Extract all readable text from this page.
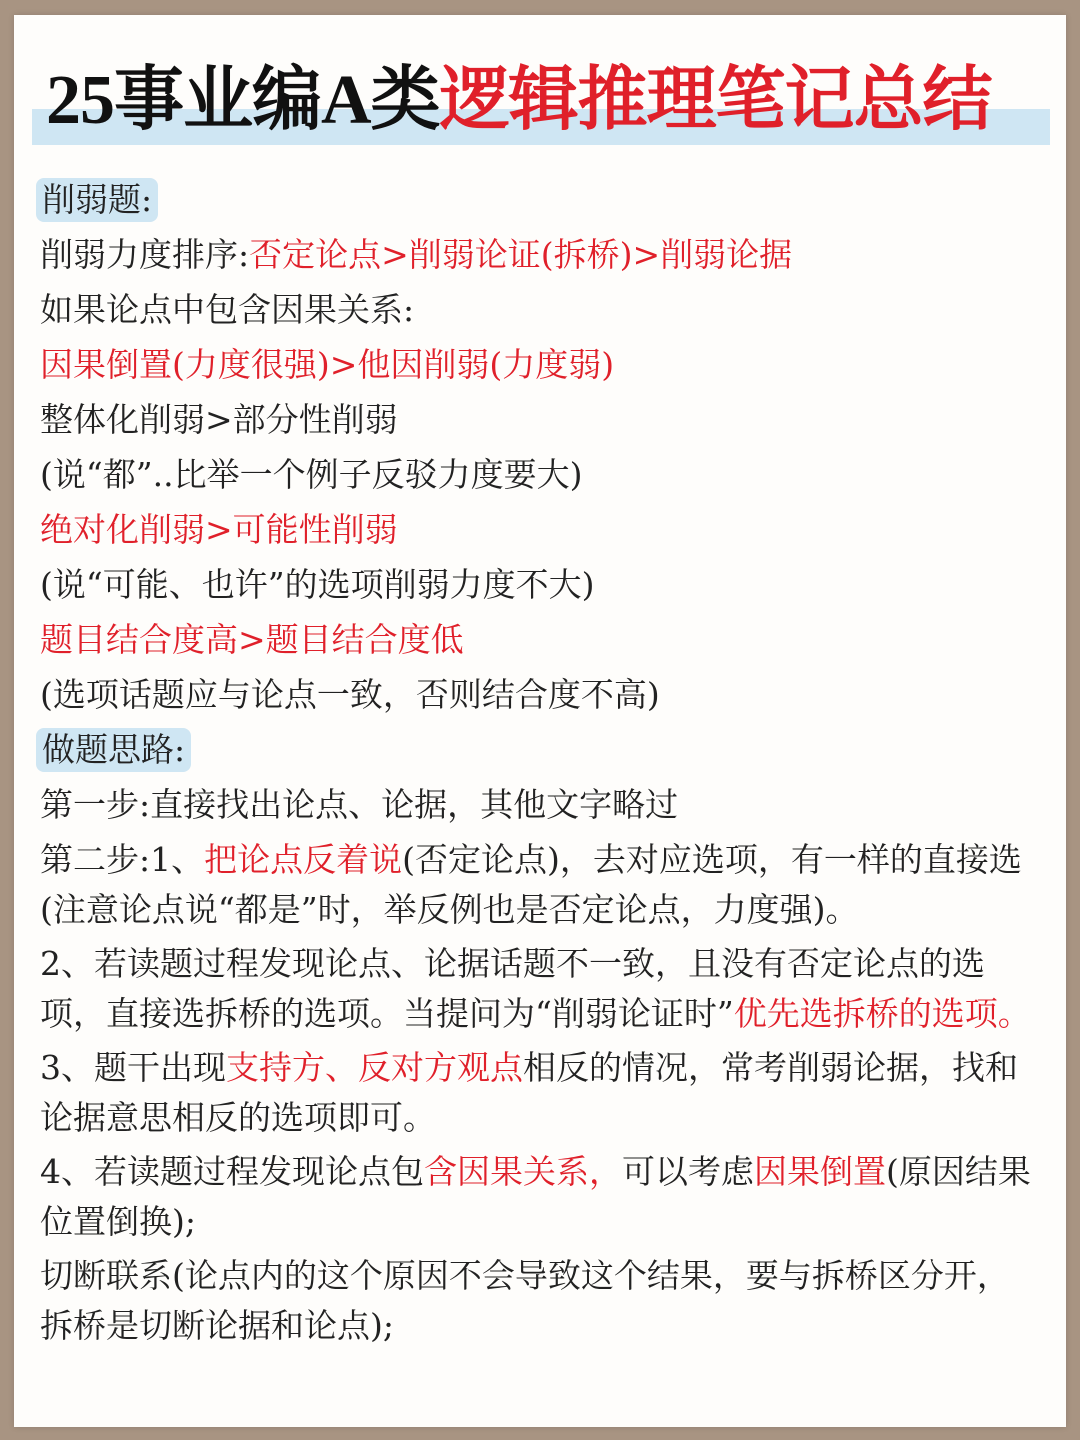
25事业编A类逻辑推理笔记总结
削弱题:
削弱力度排序:否定论点>削弱论证(拆桥)>削弱论据
如果论点中包含因果关系:
因果倒置(力度很强)>他因削弱(力度弱)
整体化削弱>部分性削弱
(说“都”..比举一个例子反驳力度要大)
绝对化削弱>可能性削弱
(说“可能、也许”的选项削弱力度不大)
题目结合度高>题目结合度低
(选项话题应与论点一致，否则结合度不高)
做题思路:
第一步:直接找出论点、论据，其他文字略过

第二步:1、把论点反着说(否定论点)，去对应选项，有一样的直接选(注意论点说“都是”时，举反例也是否定论点，力度强)。

2、若读题过程发现论点、论据话题不一致，且没有否定论点的选项，直接选拆桥的选项。当提问为“削弱论证时”优先选拆桥的选项。

3、题干出现支持方、反对方观点相反的情况，常考削弱论据，找和论据意思相反的选项即可。

4、若读题过程发现论点包含因果关系，可以考虑因果倒置(原因结果位置倒换);

切断联系(论点内的这个原因不会导致这个结果，要与拆桥区分开，拆桥是切断论据和论点);
